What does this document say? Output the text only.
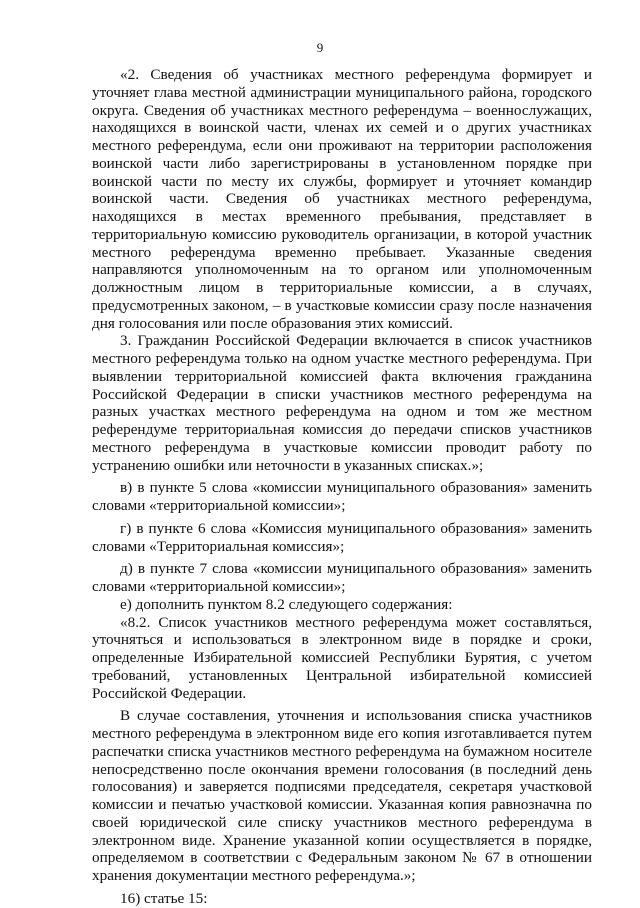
9

«2. Сведения об участниках местного референдума формирует и уточняет глава местной администрации муниципального района, городского округа. Сведения об участниках местного референдума – военнослужащих, находящихся в воинской части, членах их семей и о других участниках местного референдума, если они проживают на территории расположения воинской части либо зарегистрированы в установленном порядке при воинской части по месту их службы, формирует и уточняет командир воинской части. Сведения об участниках местного референдума, находящихся в местах временного пребывания, представляет в территориальную комиссию руководитель организации, в которой участник местного референдума временно пребывает. Указанные сведения направляются уполномоченным на то органом или уполномоченным должностным лицом в территориальные комиссии, а в случаях, предусмотренных законом, – в участковые комиссии сразу после назначения дня голосования или после образования этих комиссий.

3. Гражданин Российской Федерации включается в список участников местного референдума только на одном участке местного референдума. При выявлении территориальной комиссией факта включения гражданина Российской Федерации в списки участников местного референдума на разных участках местного референдума на одном и том же местном референдуме территориальная комиссия до передачи списков участников местного референдума в участковые комиссии проводит работу по устранению ошибки или неточности в указанных списках.»;

в) в пункте 5 слова «комиссии муниципального образования» заменить словами «территориальной комиссии»;

г) в пункте 6 слова «Комиссия муниципального образования» заменить словами «Территориальная комиссия»;

д) в пункте 7 слова «комиссии муниципального образования» заменить словами «территориальной комиссии»;

е) дополнить пунктом 8.2 следующего содержания:

«8.2. Список участников местного референдума может составляться, уточняться и использоваться в электронном виде в порядке и сроки, определенные Избирательной комиссией Республики Бурятия, с учетом требований, установленных Центральной избирательной комиссией Российской Федерации.

В случае составления, уточнения и использования списка участников местного референдума в электронном виде его копия изготавливается путем распечатки списка участников местного референдума на бумажном носителе непосредственно после окончания времени голосования (в последний день голосования) и заверяется подписями председателя, секретаря участковой комиссии и печатью участковой комиссии. Указанная копия равнозначна по своей юридической силе списку участников местного референдума в электронном виде. Хранение указанной копии осуществляется в порядке, определяемом в соответствии с Федеральным законом № 67 в отношении хранения документации местного референдума.»;

16) статье 15:
